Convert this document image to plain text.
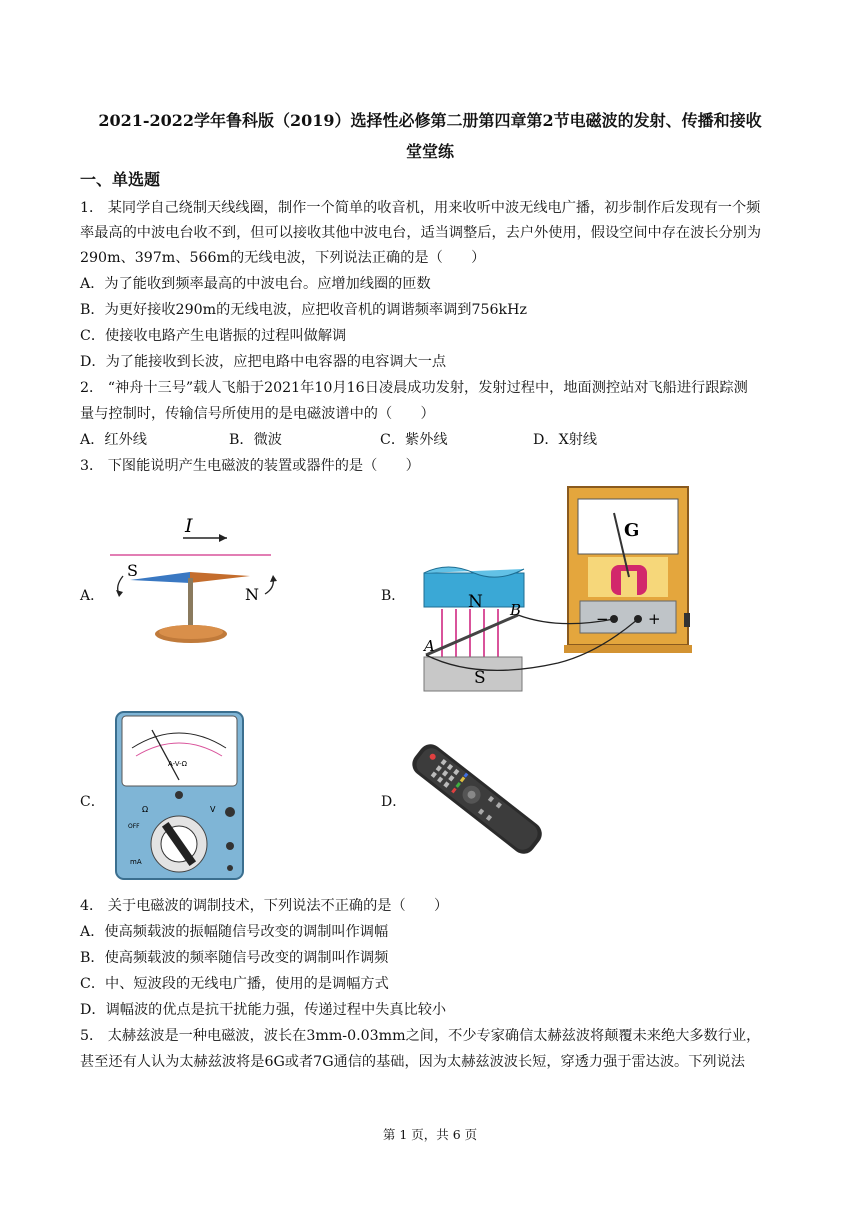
2021-2022学年鲁科版（2019）选择性必修第二册第四章第2节电磁波的发射、传播和接收
堂堂练
一、单选题
1． 某同学自己绕制天线线圈，制作一个简单的收音机，用来收听中波无线电广播，初步制作后发现有一个频
率最高的中波电台收不到，但可以接收其他中波电台，适当调整后，去户外使用，假设空间中存在波长分别为
290m、397m、566m的无线电波，下列说法正确的是（　　）
A．为了能收到频率最高的中波电台。应增加线圈的匝数
B．为更好接收290m的无线电波，应把收音机的调谐频率调到756kHz
C．使接收电路产生电谐振的过程叫做解调
D．为了能接收到长波，应把电路中电容器的电容调大一点
2． “神舟十三号”载人飞船于2021年10月16日凌晨成功发射，发射过程中，地面测控站对飞船进行跟踪测
量与控制时，传输信号所使用的是电磁波谱中的（　　）
A．红外线	B．微波	C．紫外线	D．X射线
3． 下图能说明产生电磁波的装置或器件的是（　　）
A．	B．
C．	D．
I
S
N
G
−	+
N
A
B
S
A-V-Ω
Ω	V
OFF
mA
4． 关于电磁波的调制技术，下列说法不正确的是（　　）
A．使高频载波的振幅随信号改变的调制叫作调幅
B．使高频载波的频率随信号改变的调制叫作调频
C．中、短波段的无线电广播，使用的是调幅方式
D．调幅波的优点是抗干扰能力强，传递过程中失真比较小
5． 太赫兹波是一种电磁波，波长在3mm-0.03mm之间，不少专家确信太赫兹波将颠覆未来绝大多数行业，
甚至还有人认为太赫兹波将是6G或者7G通信的基础，因为太赫兹波波长短，穿透力强于雷达波。下列说法
第 1 页，共 6 页
